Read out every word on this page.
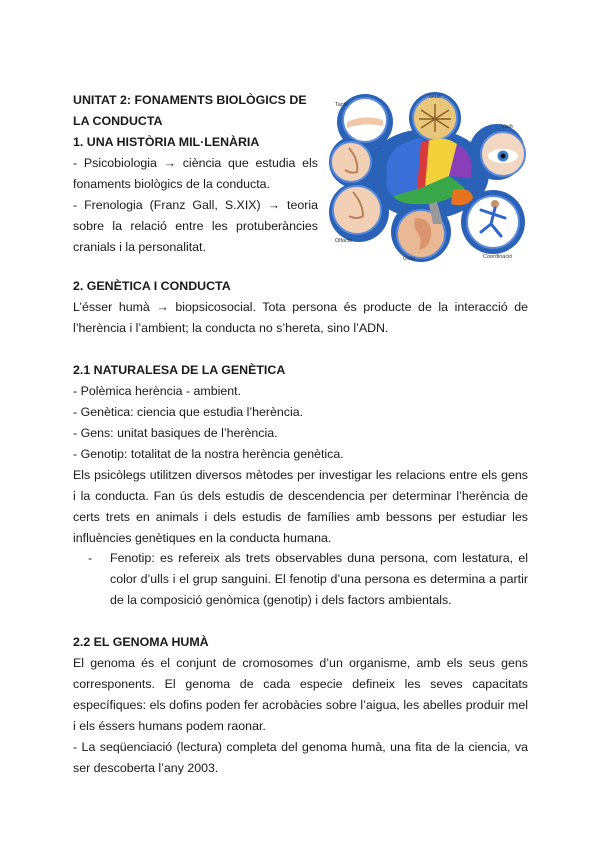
UNITAT 2: FONAMENTS BIOLÒGICS DE LA CONDUCTA

1. UNA HISTÒRIA MIL·LENÀRIA

- Psicobiologia → ciència que estudia els fonaments biològics de la conducta.

- Frenologia (Franz Gall, S.XIX) → teoria sobre la relació entre les protuberàncies cranials i la personalitat.

Tacte
Gust
Visió
Coordinació
Oïda
Olfacte

2. GENÈTICA I CONDUCTA

L’ésser humà → biopsicosocial. Tota persona és producte de la interacció de l’herència i l’ambient; la conducta no s’hereta, sino l’ADN.

2.1 NATURALESA DE LA GENÈTICA

- Polèmica herència - ambient.

- Genètica: ciencia que estudia l’herència.

- Gens: unitat basiques de l’herència.

- Genotip: totalitat de la nostra herència genètica.

Els psicòlegs utilitzen diversos mètodes per investigar les relacions entre els gens i la conducta. Fan ús dels estudis de descendencia per determinar l’herència de certs trets en animals i dels estudis de famílies amb bessons per estudiar les influències genètiques en la conducta humana.

- Fenotip: es refereix als trets observables duna persona, com lestatura, el color d’ulls i el grup sanguini. El fenotip d’una persona es determina a partir de la composició genòmica (genotip) i dels factors ambientals.

2.2 EL GENOMA HUMÀ

El genoma és el conjunt de cromosomes d’un organisme, amb els seus gens corresponents. El genoma de cada especie defineix les seves capacitats específiques: els dofins poden fer acrobàcies sobre l’aigua, les abelles produir mel i els éssers humans podem raonar.

- La seqüenciació (lectura) completa del genoma humà, una fita de la ciencia, va ser descoberta l’any 2003.
